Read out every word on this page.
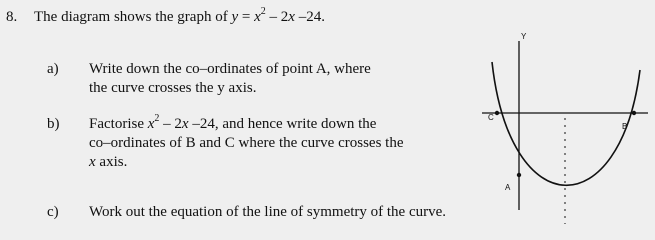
8. The diagram shows the graph of $y = x^2 - 2x$ –24.
a) Write down the co–ordinates of point A, where
the curve crosses the y axis.
b) Factorise $x^2 - 2x$ –24, and hence write down the
co–ordinates of B and C where the curve crosses the
x axis.
c) Work out the equation of the line of symmetry of the curve.
Y
C
B
A
